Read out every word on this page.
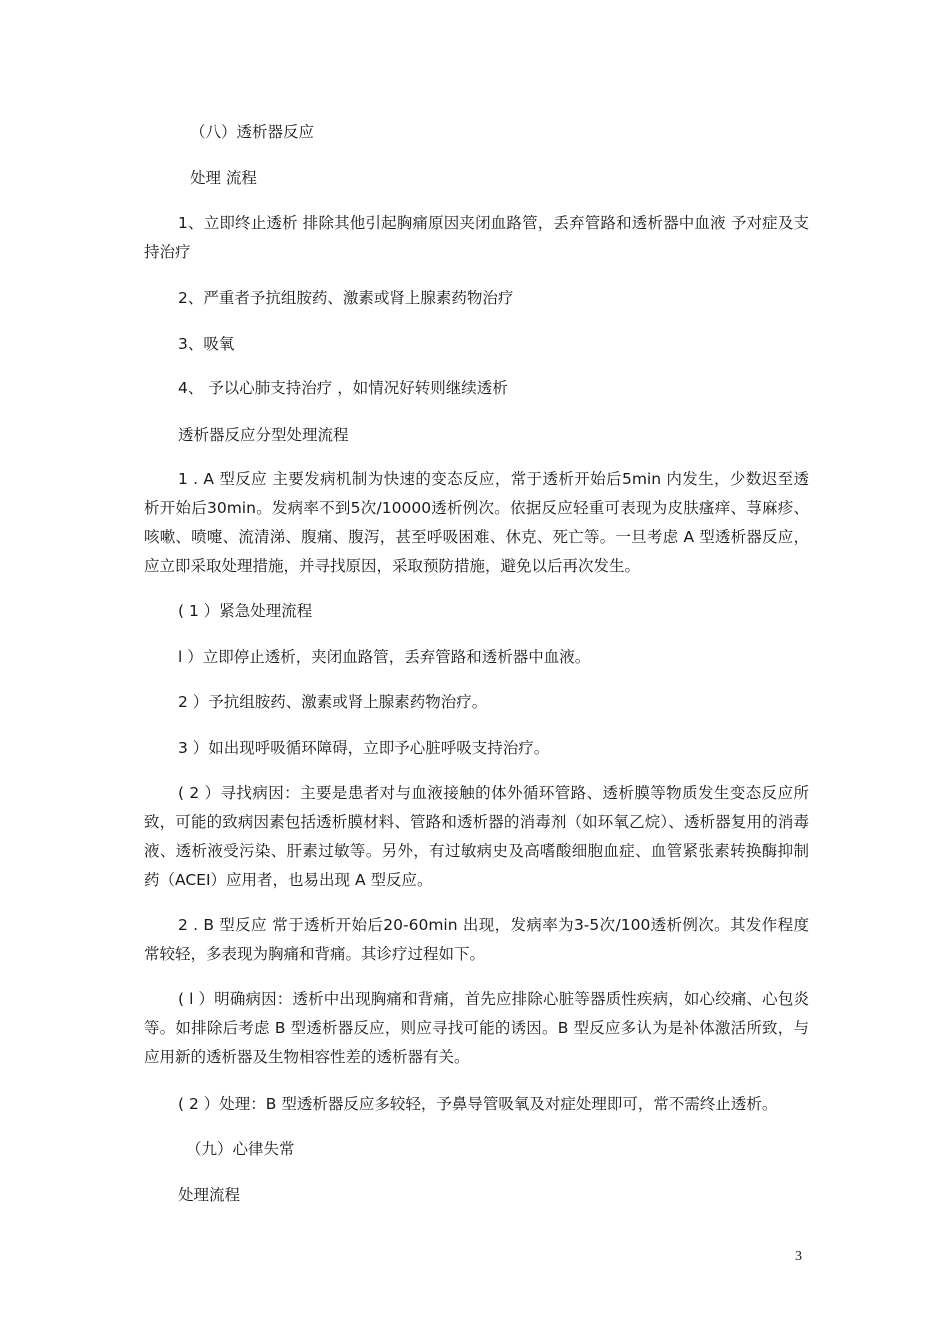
（八）透析器反应
处理 流程
1、立即终止透析 排除其他引起胸痛原因夹闭血路管，丢弃管路和透析器中血液 予对症及支持治疗
2、严重者予抗组胺药、激素或肾上腺素药物治疗
3、吸氧
4、 予以心肺支持治疗 ，如情况好转则继续透析
透析器反应分型处理流程
1 . A 型反应 主要发病机制为快速的变态反应，常于透析开始后5min 内发生，少数迟至透析开始后30min。发病率不到5次/10000透析例次。依据反应轻重可表现为皮肤瘙痒、荨麻疹、咳嗽、喷嚏、流清涕、腹痛、腹泻，甚至呼吸困难、休克、死亡等。一旦考虑 A 型透析器反应，应立即采取处理措施，并寻找原因，采取预防措施，避免以后再次发生。
( 1 ）紧急处理流程
l ）立即停止透析，夹闭血路管，丢弃管路和透析器中血液。
2 ）予抗组胺药、激素或肾上腺素药物治疗。
3 ）如出现呼吸循环障碍，立即予心脏呼吸支持治疗。
( 2 ）寻找病因：主要是患者对与血液接触的体外循环管路、透析膜等物质发生变态反应所致，可能的致病因素包括透析膜材料、管路和透析器的消毒剂（如环氧乙烷）、透析器复用的消毒液、透析液受污染、肝素过敏等。另外，有过敏病史及高嗜酸细胞血症、血管紧张素转换酶抑制药（ACEI）应用者，也易出现 A 型反应。
2 . B 型反应 常于透析开始后20-60min 出现，发病率为3-5次/100透析例次。其发作程度常较轻，多表现为胸痛和背痛。其诊疗过程如下。
( l ）明确病因：透析中出现胸痛和背痛，首先应排除心脏等器质性疾病，如心绞痛、心包炎等。如排除后考虑 B 型透析器反应，则应寻找可能的诱因。B 型反应多认为是补体激活所致，与应用新的透析器及生物相容性差的透析器有关。
( 2 ）处理：B 型透析器反应多较轻，予鼻导管吸氧及对症处理即可，常不需终止透析。
（九）心律失常
处理流程
3
